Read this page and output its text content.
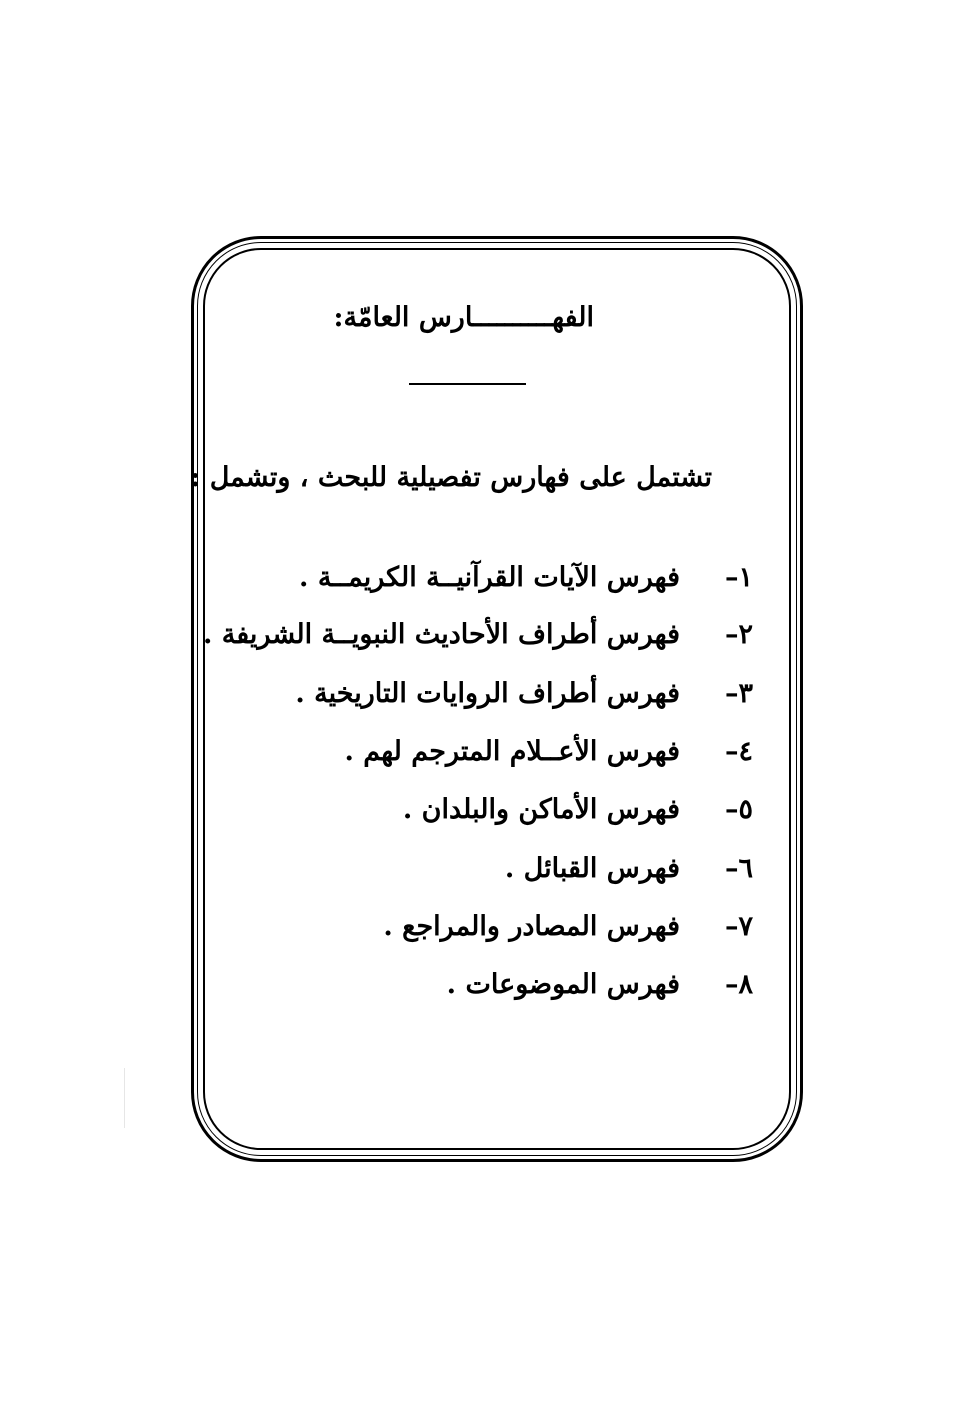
الفهــــــــــارس العامّة:
تشتمل على فهارس تفصيلية للبحث ، وتشمل :
١–فهرس الآيات القرآنيــة الكريمــة .
٢–فهرس أطراف الأحاديث النبويــة الشريفة .
٣–فهرس أطراف الروايات التاريخية .
٤–فهرس الأعــلام المترجم لهم .
٥–فهرس الأماكن والبلدان .
٦–فهرس القبائل .
٧–فهرس المصادر والمراجع .
٨–فهرس الموضوعات .
